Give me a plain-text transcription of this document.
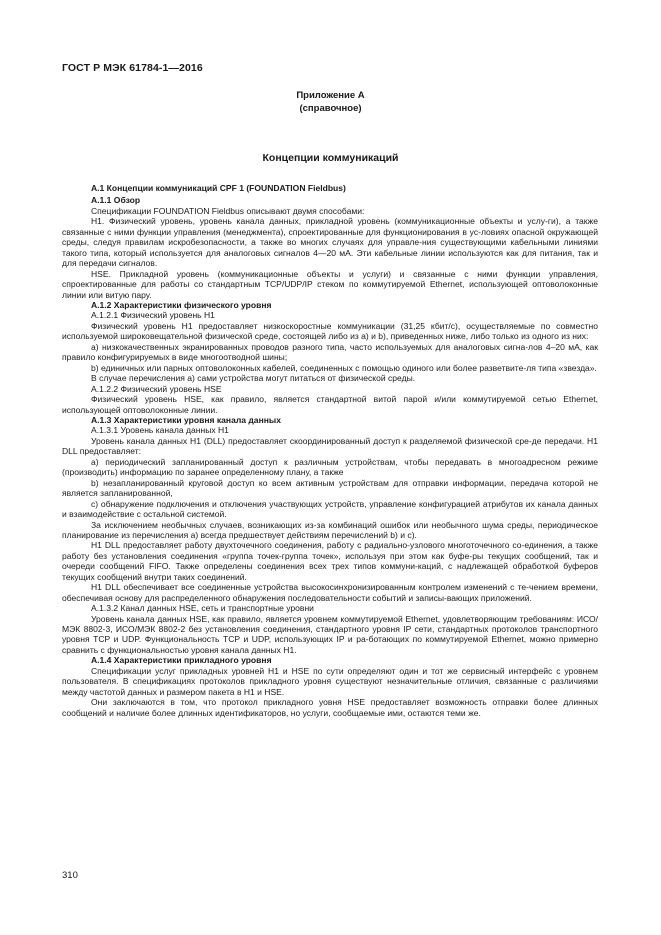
ГОСТ Р МЭК 61784-1—2016
Приложение А
(справочное)
Концепции коммуникаций

А.1 Концепции коммуникаций CPF 1 (FOUNDATION Fieldbus)

А.1.1 Обзор

Спецификации FOUNDATION Fieldbus описывают двумя способами:

H1. Физический уровень, уровень канала данных, прикладной уровень (коммуникационные объекты и услу-ги), а также связанные с ними функции управления (менеджмента), спроектированные для функционирования в ус-ловиях опасной окружающей среды, следуя правилам искробезопасности, а также во многих случаях для управле-ния существующими кабельными линиями такого типа, который используется для аналоговых сигналов 4—20 мА. Эти кабельные линии используются как для питания, так и для передачи сигналов.

HSE. Прикладной уровень (коммуникационные объекты и услуги) и связанные с ними функции управления, спроектированные для работы со стандартным TCP/UDP/IP стеком по коммутируемой Ethernet, использующей оптоволоконные линии или витую пару.

А.1.2 Характеристики физического уровня

А.1.2.1 Физический уровень H1

Физический уровень H1 предоставляет низкоскоростные коммуникации (31,25 кбит/с), осуществляемые по совместно используемой широковещательной физической среде, состоящей либо из а) и b), приведенных ниже, либо только из одного из них:

a) низкокачественных экранированных проводов разного типа, часто используемых для аналоговых сигна-лов 4–20 мА, как правило конфигурируемых в виде многоотводной шины;

b) единичных или парных оптоволоконных кабелей, соединенных с помощью одиного или более разветвите-ля типа «звезда».

В случае перечисления а) сами устройства могут питаться от физической среды.

А.1.2.2 Физический уровень HSE

Физический уровень HSE, как правило, является стандартной витой парой и/или коммутируемой сетью Ethernet, использующей оптоволоконные линии.

А.1.3 Характеристики уровня канала данных

А.1.3.1 Уровень канала данных H1

Уровень канала данных H1 (DLL) предоставляет скоординированный доступ к разделяемой физической сре-де передачи. H1 DLL предоставляет:

a) периодический запланированный доступ к различным устройствам, чтобы передавать в многоадресном режиме (производить) информацию по заранее определенному плану, а также

b) незапланированный круговой доступ ко всем активным устройствам для отправки информации, передача которой не является запланированной,

c) обнаружение подключения и отключения участвующих устройств, управление конфигурацией атрибутов их канала данных и взаимодействие с остальной системой.

За исключением необычных случаев, возникающих из-за комбинаций ошибок или необычного шума среды, периодическое планирование из перечисления а) всегда предшествует действиям перечислений b) и c).

H1 DLL предоставляет работу двухточечного соединения, работу с радиально-узлового многоточечного со-единения, а также работу без установления соединения «группа точек-группа точек», используя при этом как буфе-ры текущих сообщений, так и очереди сообщений FIFO. Также определены соединения всех трех типов коммуни-каций, с надлежащей обработкой буферов текущих сообщений внутри таких соединений.

H1 DLL обеспечивает все соединенные устройства высокосинхронизированным контролем изменений с те-чением времени, обеспечивая основу для распределенного обнаружения последовательности событий и записы-вающих приложений.

А.1.3.2 Канал данных HSE, сеть и транспортные уровни

Уровень канала данных HSE, как правило, является уровнем коммутируемой Ethernet, удовлетворяющим требованиям: ИСО/МЭК 8802-3, ИСО/МЭК 8802-2 без установления соединения, стандартного уровня IP сети, стандартных протоколов транспортного уровня TCP и UDP. Функциональность TCP и UDP, использующих IP и ра-ботающих по коммутируемой Ethernet, можно примерно сравнить с функциональностью уровня канала данных H1.

А.1.4 Характеристики прикладного уровня

Спецификации услуг прикладных уровней H1 и HSE по сути определяют один и тот же сервисный интерфейс с уровнем пользователя. В спецификациях протоколов прикладного уровня существуют незначительные отличия, связанные с различиями между частотой данных и размером пакета в H1 и HSE.

Они заключаются в том, что протокол прикладного уовня HSE предоставляет возможность отправки более длинных сообщений и наличие более длинных идентификаторов, но услуги, сообщаемые ими, остаются теми же.

310
